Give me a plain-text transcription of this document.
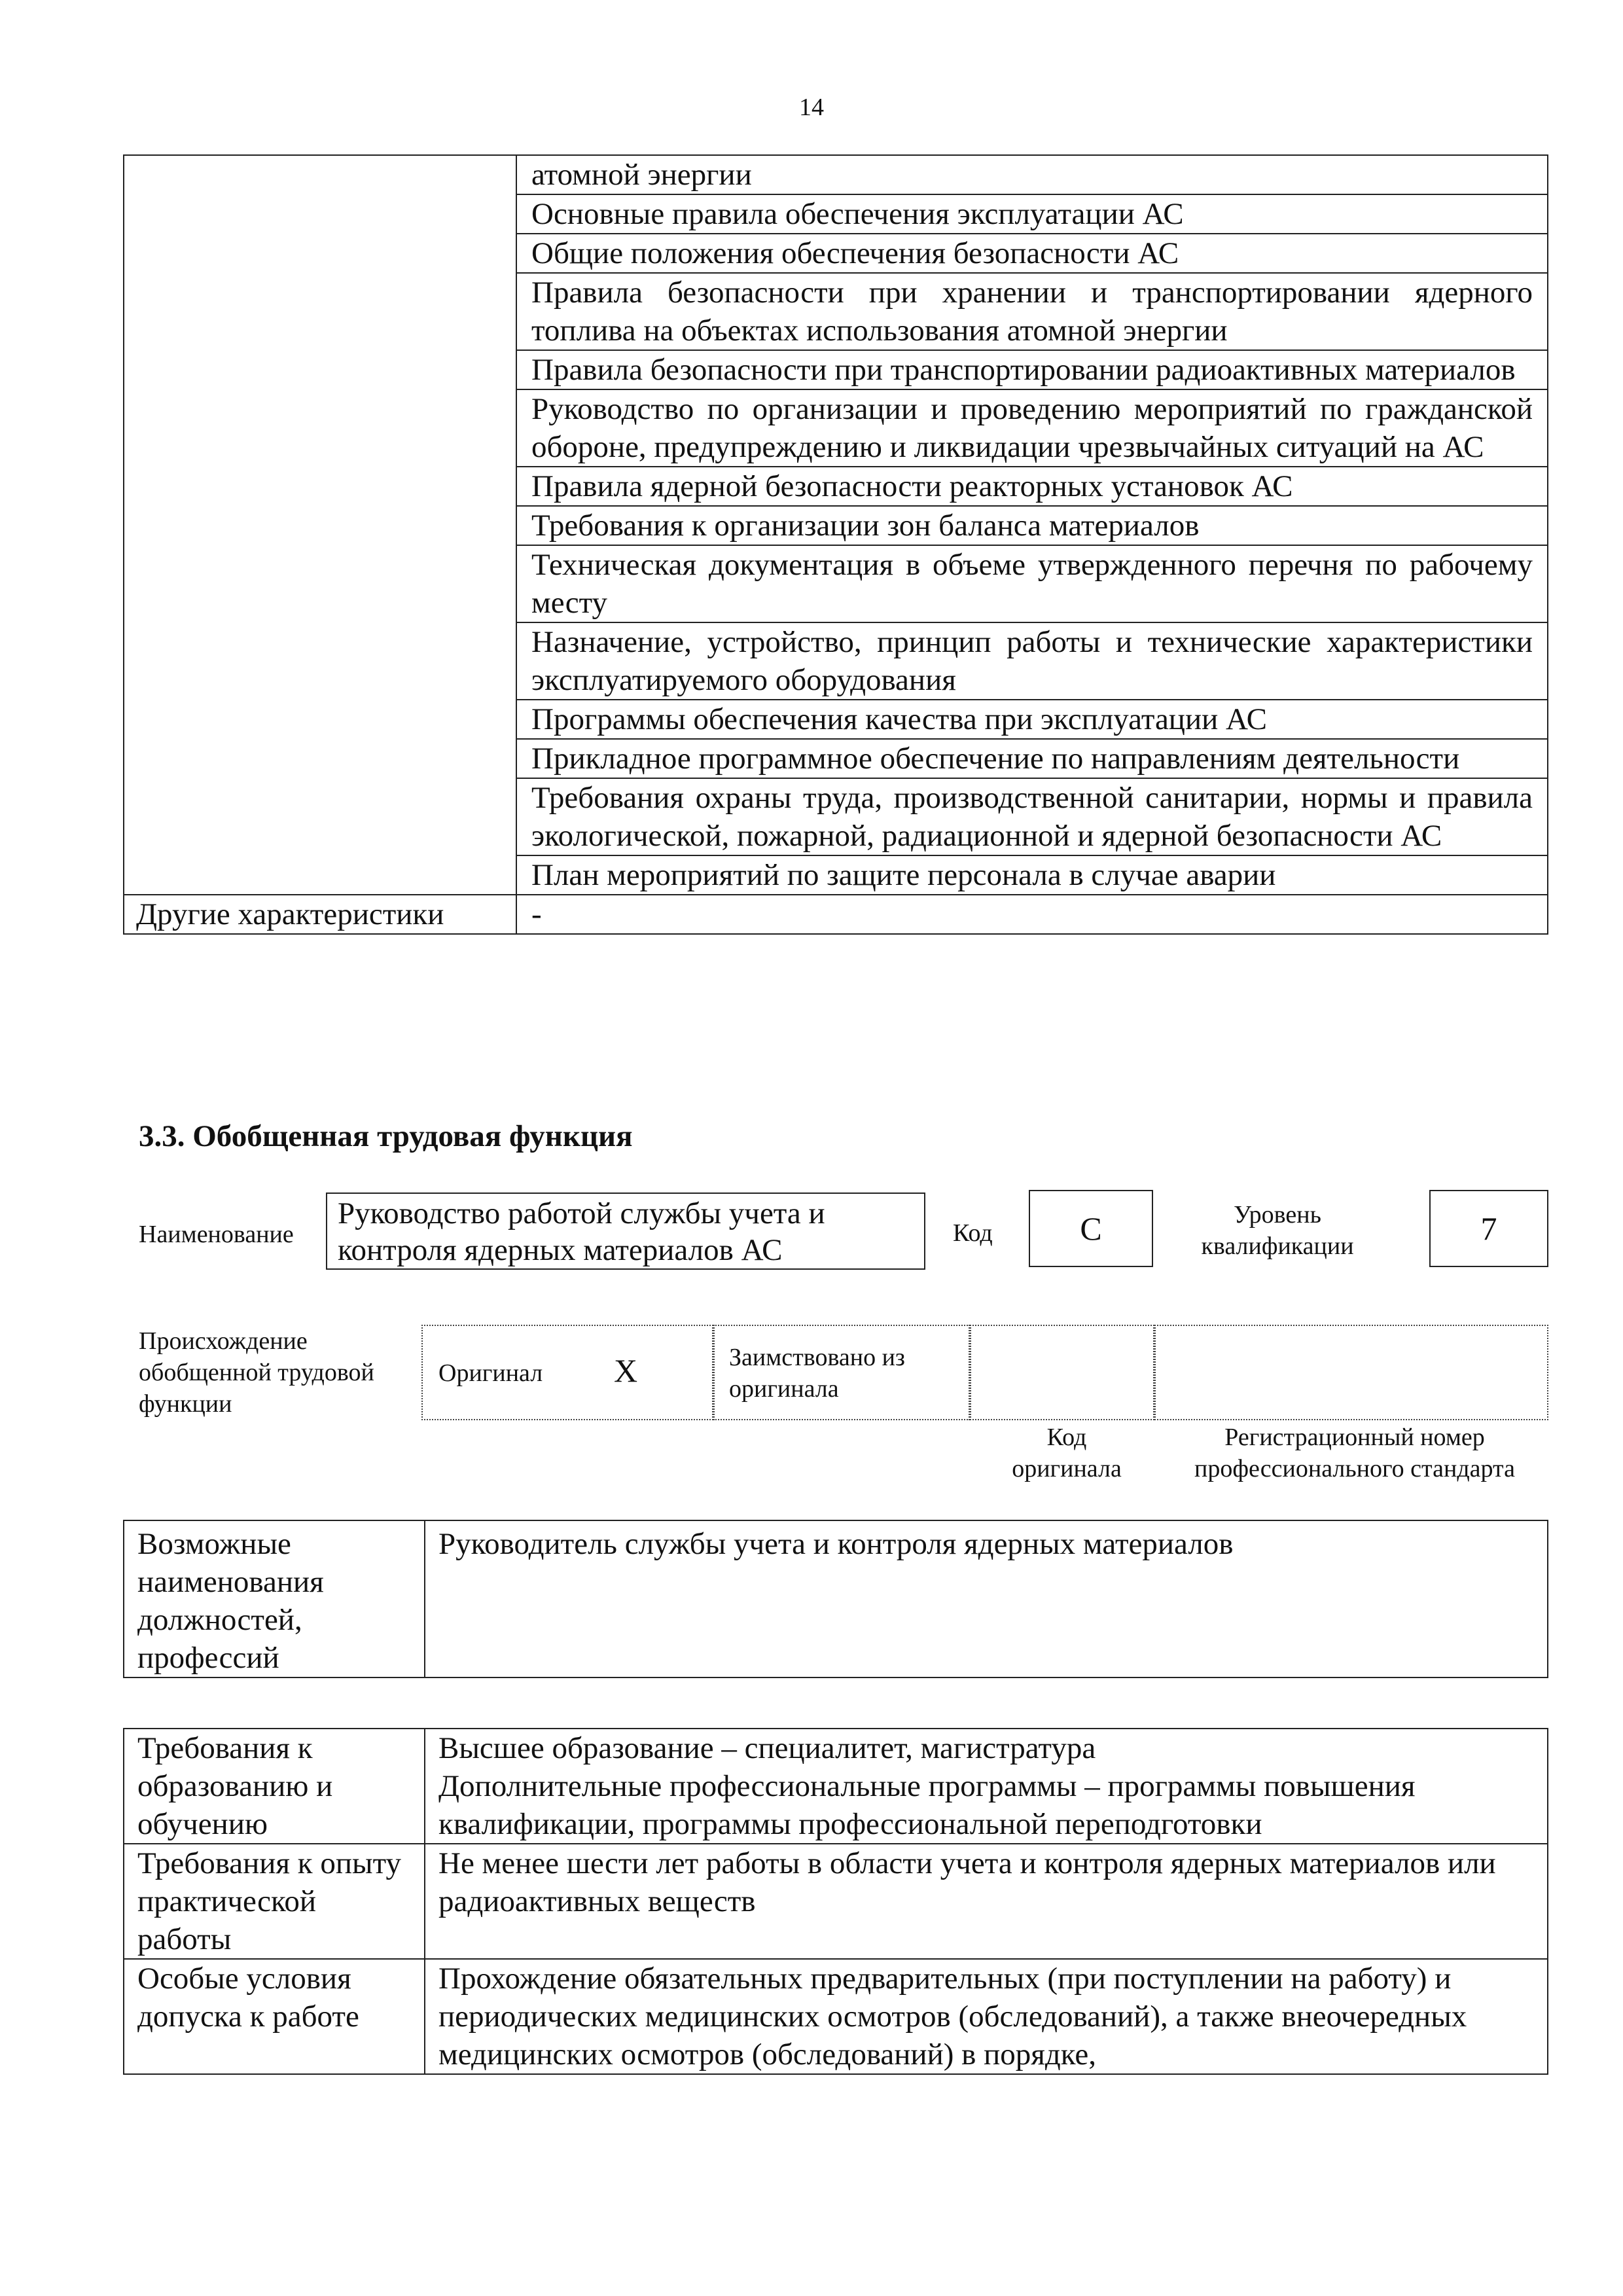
14
	атомной энергии
	Основные правила обеспечения эксплуатации АС
	Общие положения обеспечения безопасности АС
	Правила безопасности при хранении и транспортировании ядерного топлива на объектах использования атомной энергии
	Правила безопасности при транспортировании радиоактивных материалов
	Руководство по организации и проведению мероприятий по гражданской обороне, предупреждению и ликвидации чрезвычайных ситуаций на АС
	Правила ядерной безопасности реакторных установок АС
	Требования к организации зон баланса материалов
	Техническая документация в объеме утвержденного перечня по рабочему месту
	Назначение, устройство, принцип работы и технические характеристики эксплуатируемого оборудования
	Программы обеспечения качества при эксплуатации АС
	Прикладное программное обеспечение по направлениям деятельности
	Требования охраны труда, производственной санитарии, нормы и правила экологической, пожарной, радиационной и ядерной безопасности АС
	План мероприятий по защите персонала в случае аварии
Другие характеристики	-
3.3. Обобщенная трудовая функция
Наименование
Руководство работой службы учета и контроля ядерных материалов АС	Код	С	Уровень квалификации	7
Происхождение обобщенной трудовой функции
Оригинал Х	Заимствовано из оригинала
Код оригинала
Регистрационный номер профессионального стандарта
Возможные наименования должностей, профессий	Руководитель службы учета и контроля ядерных материалов
Требования к образованию и обучению	Высшее образование – специалитет, магистратура
Дополнительные профессиональные программы – программы повышения квалификации, программы профессиональной переподготовки

Требования к опыту практической работы	Не менее шести лет работы в области учета и контроля ядерных материалов или радиоактивных веществ

Особые условия допуска к работе	Прохождение обязательных предварительных (при поступлении на работу) и периодических медицинских осмотров (обследований), а также внеочередных медицинских осмотров (обследований) в порядке,
